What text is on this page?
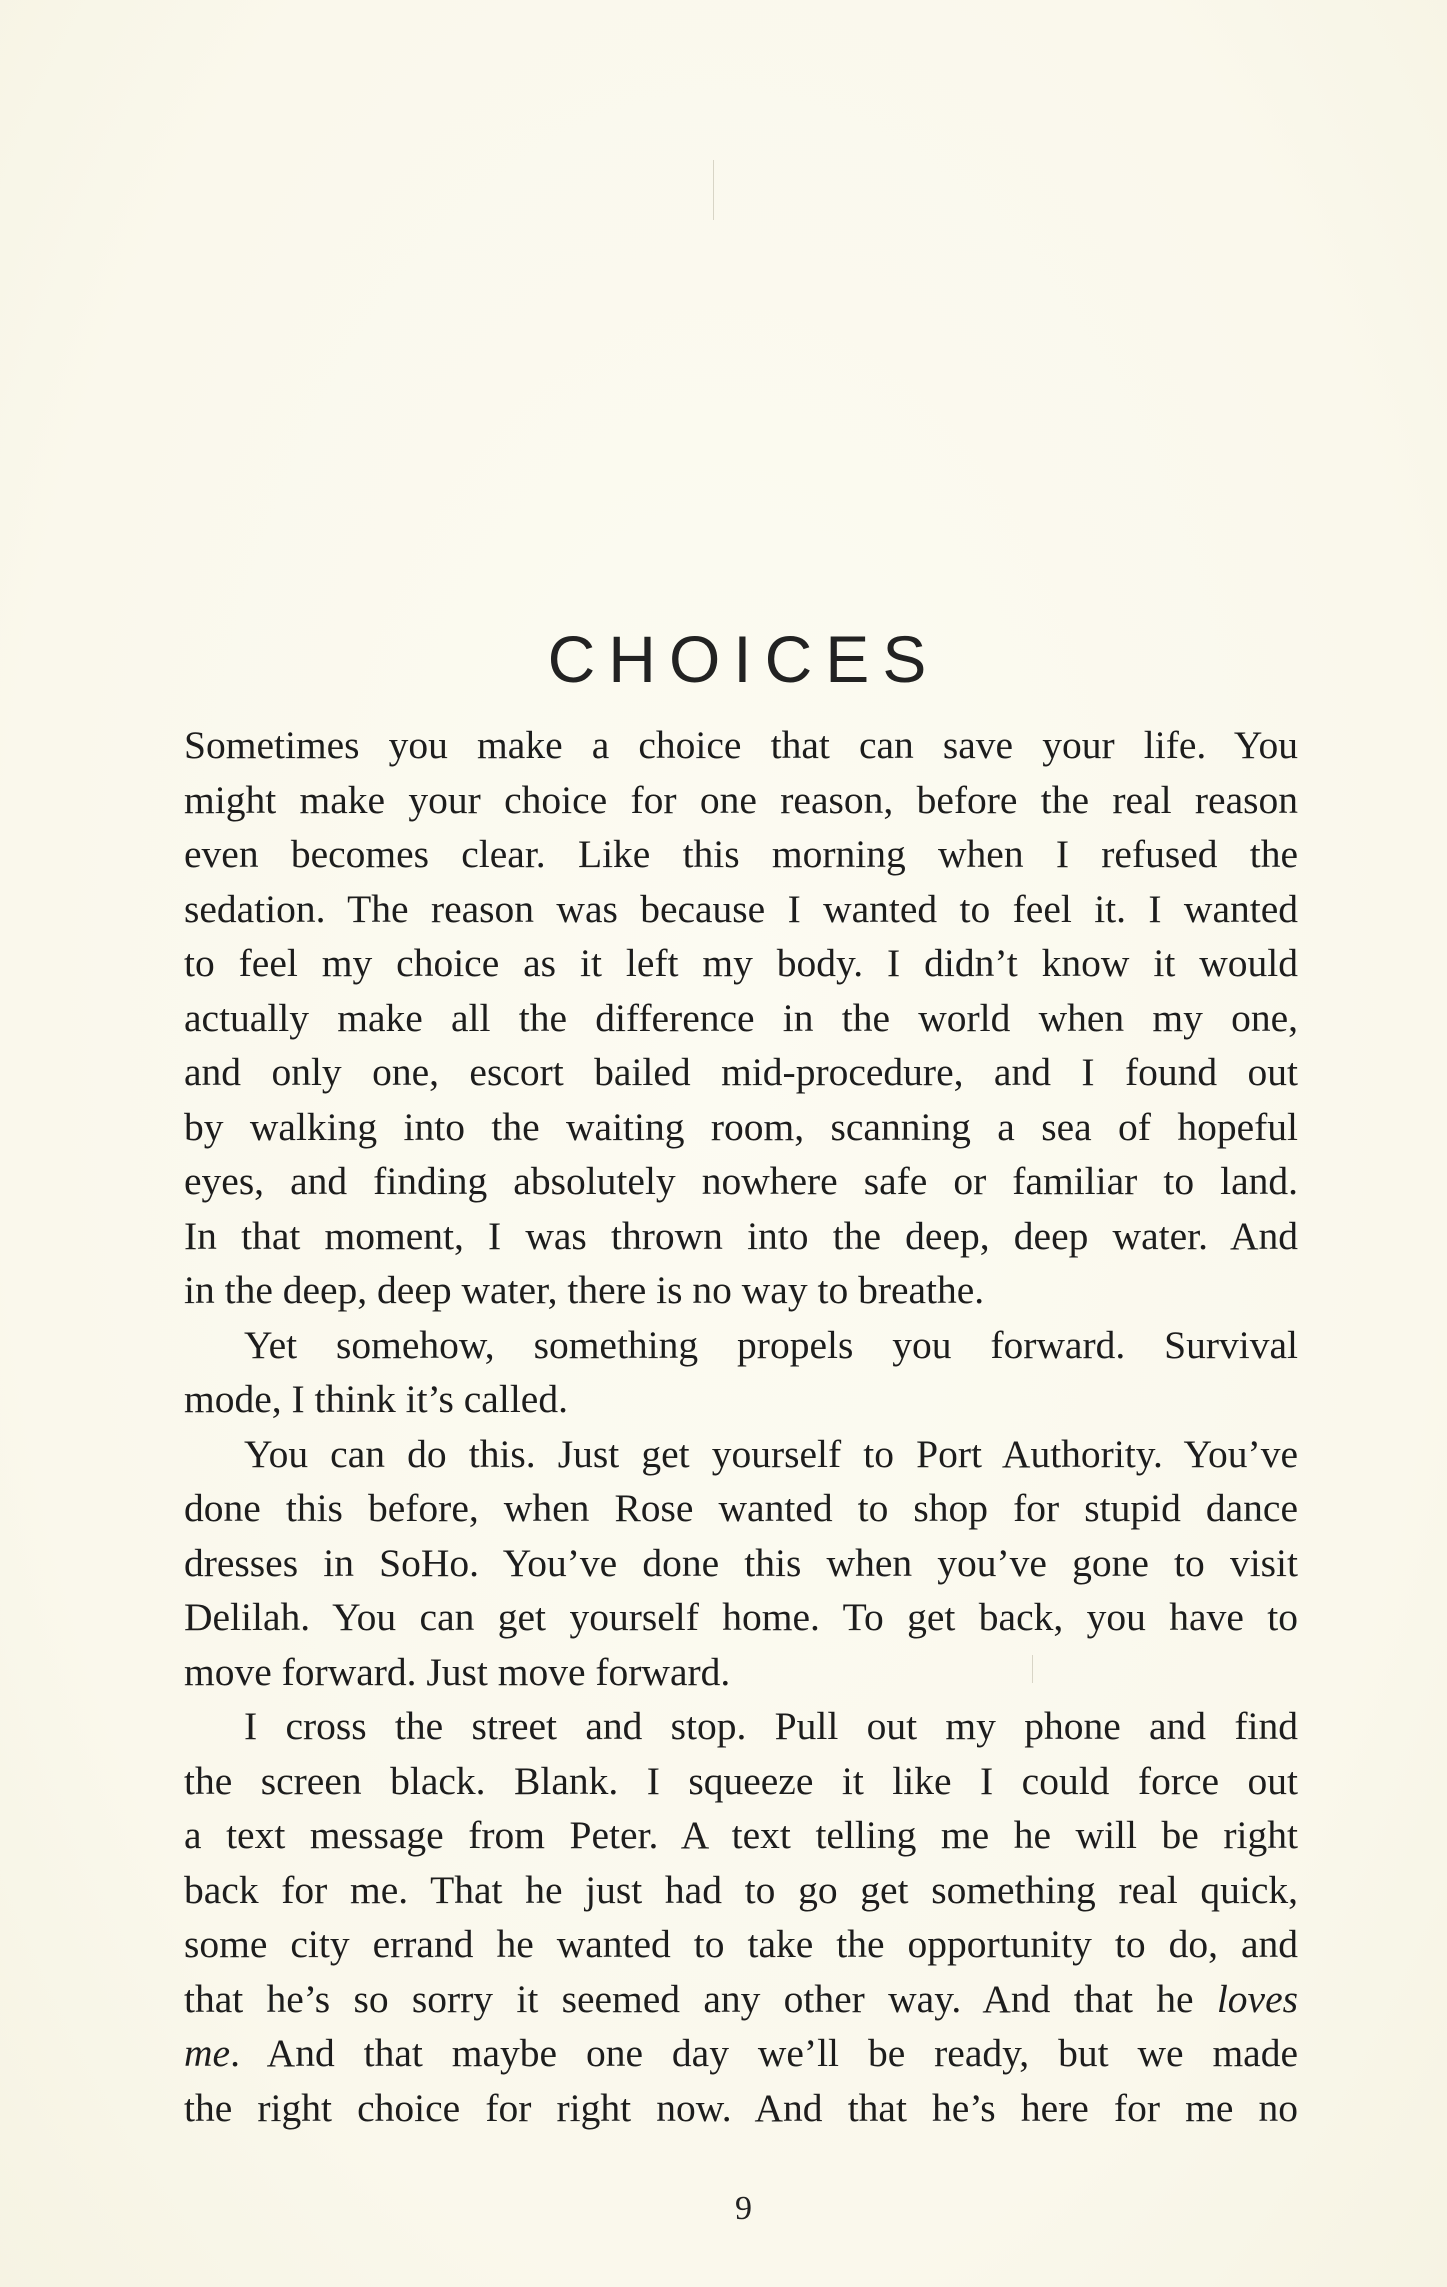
CHOICES
Sometimes you make a choice that can save your life. You
might make your choice for one reason, before the real reason
even becomes clear. Like this morning when I refused the
sedation. The reason was because I wanted to feel it. I wanted
to feel my choice as it left my body. I didn’t know it would
actually make all the difference in the world when my one,
and only one, escort bailed mid-procedure, and I found out
by walking into the waiting room, scanning a sea of hopeful
eyes, and finding absolutely nowhere safe or familiar to land.
In that moment, I was thrown into the deep, deep water. And
in the deep, deep water, there is no way to breathe.
Yet somehow, something propels you forward. Survival
mode, I think it’s called.
You can do this. Just get yourself to Port Authority. You’ve
done this before, when Rose wanted to shop for stupid dance
dresses in SoHo. You’ve done this when you’ve gone to visit
Delilah. You can get yourself home. To get back, you have to
move forward. Just move forward.
I cross the street and stop. Pull out my phone and find
the screen black. Blank. I squeeze it like I could force out
a text message from Peter. A text telling me he will be right
back for me. That he just had to go get something real quick,
some city errand he wanted to take the opportunity to do, and
that he’s so sorry it seemed any other way. And that he loves
me. And that maybe one day we’ll be ready, but we made
the right choice for right now. And that he’s here for me no
9
